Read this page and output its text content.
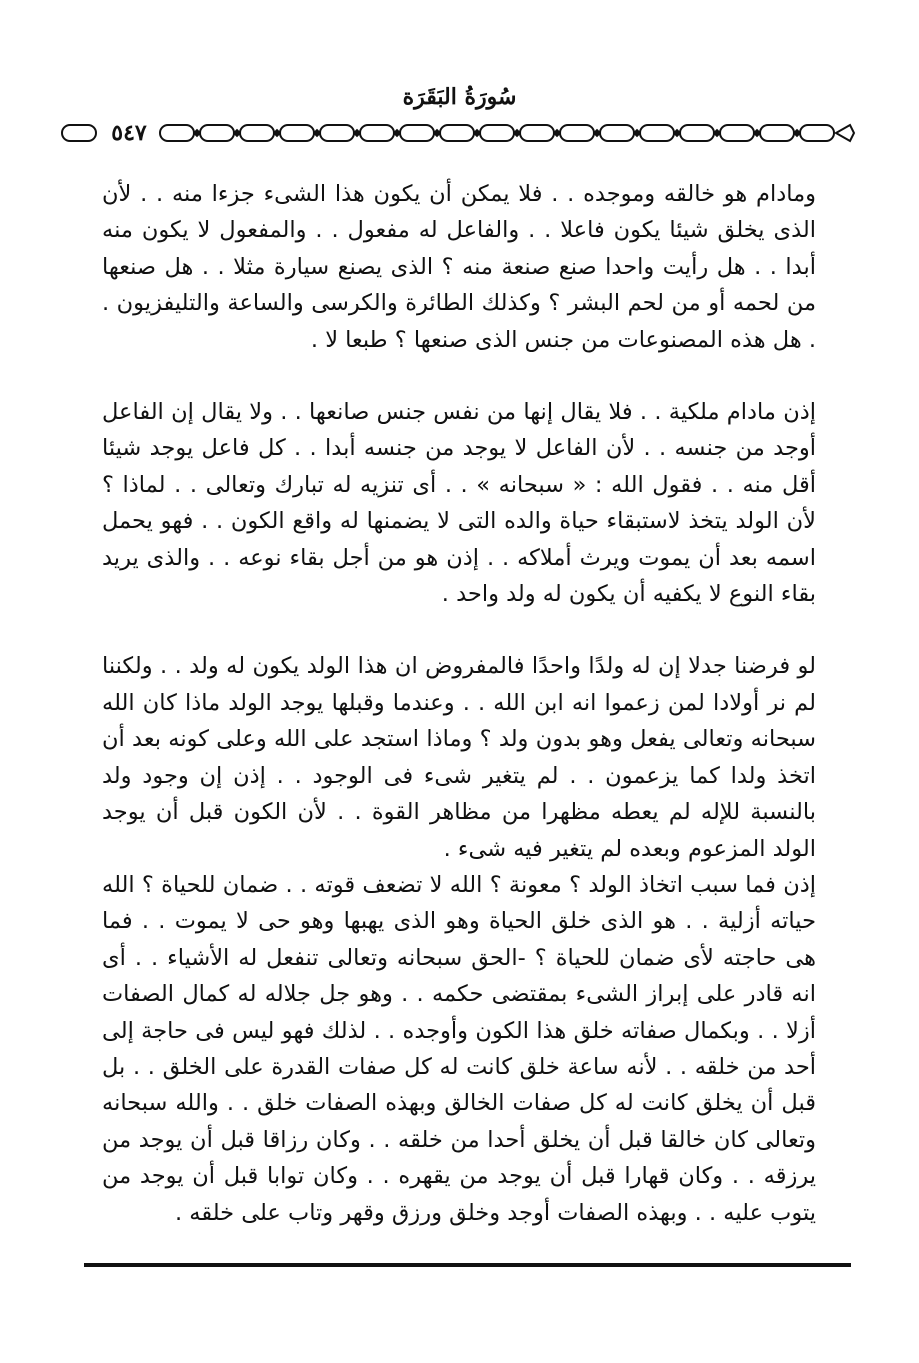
سُورَةُ البَقَرَة
٥٤٧

ومادام هو خالقه وموجده . . فلا يمكن أن يكون هذا الشىء جزءا منه . . لأن الذى يخلق شيئا يكون فاعلا . . والفاعل له مفعول . . والمفعول لا يكون منه أبدا . . هل رأيت واحدا صنع صنعة منه ؟ الذى يصنع سيارة مثلا . . هل صنعها من لحمه أو من لحم البشر ؟ وكذلك الطائرة والكرسى والساعة والتليفزيون . . هل هذه المصنوعات من جنس الذى صنعها ؟ طبعا لا .

إذن مادام ملكية . . فلا يقال إنها من نفس جنس صانعها . . ولا يقال إن الفاعل أوجد من جنسه . . لأن الفاعل لا يوجد من جنسه أبدا . . كل فاعل يوجد شيئا أقل منه . . فقول الله : « سبحانه » . . أى تنزيه له تبارك وتعالى . . لماذا ؟ لأن الولد يتخذ لاستبقاء حياة والده التى لا يضمنها له واقع الكون . . فهو يحمل اسمه بعد أن يموت ويرث أملاكه . . إذن هو من أجل بقاء نوعه . . والذى يريد بقاء النوع لا يكفيه أن يكون له ولد واحد .

لو فرضنا جدلا إن له ولدًا واحدًا فالمفروض ان هذا الولد يكون له ولد . . ولكننا لم نر أولادا لمن زعموا انه ابن الله . . وعندما وقبلها يوجد الولد ماذا كان الله سبحانه وتعالى يفعل وهو بدون ولد ؟ وماذا استجد على الله وعلى كونه بعد أن اتخذ ولدا كما يزعمون . . لم يتغير شىء فى الوجود . . إذن إن وجود ولد بالنسبة للإله لم يعطه مظهرا من مظاهر القوة . . لأن الكون قبل أن يوجد الولد المزعوم وبعده لم يتغير فيه شىء .

إذن فما سبب اتخاذ الولد ؟ معونة ؟ الله لا تضعف قوته . . ضمان للحياة ؟ الله حياته أزلية . . هو الذى خلق الحياة وهو الذى يهبها وهو حى لا يموت . . فما هى حاجته لأى ضمان للحياة ؟ -الحق سبحانه وتعالى تنفعل له الأشياء . . أى انه قادر على إبراز الشىء بمقتضى حكمه . . وهو جل جلاله له كمال الصفات أزلا . . وبكمال صفاته خلق هذا الكون وأوجده . . لذلك فهو ليس فى حاجة إلى أحد من خلقه . . لأنه ساعة خلق كانت له كل صفات القدرة على الخلق . . بل قبل أن يخلق كانت له كل صفات الخالق وبهذه الصفات خلق . . والله سبحانه وتعالى كان خالقا قبل أن يخلق أحدا من خلقه . . وكان رزاقا قبل أن يوجد من يرزقه . . وكان قهارا قبل أن يوجد من يقهره . . وكان توابا قبل أن يوجد من يتوب عليه . . وبهذه الصفات أوجد وخلق ورزق وقهر وتاب على خلقه .
